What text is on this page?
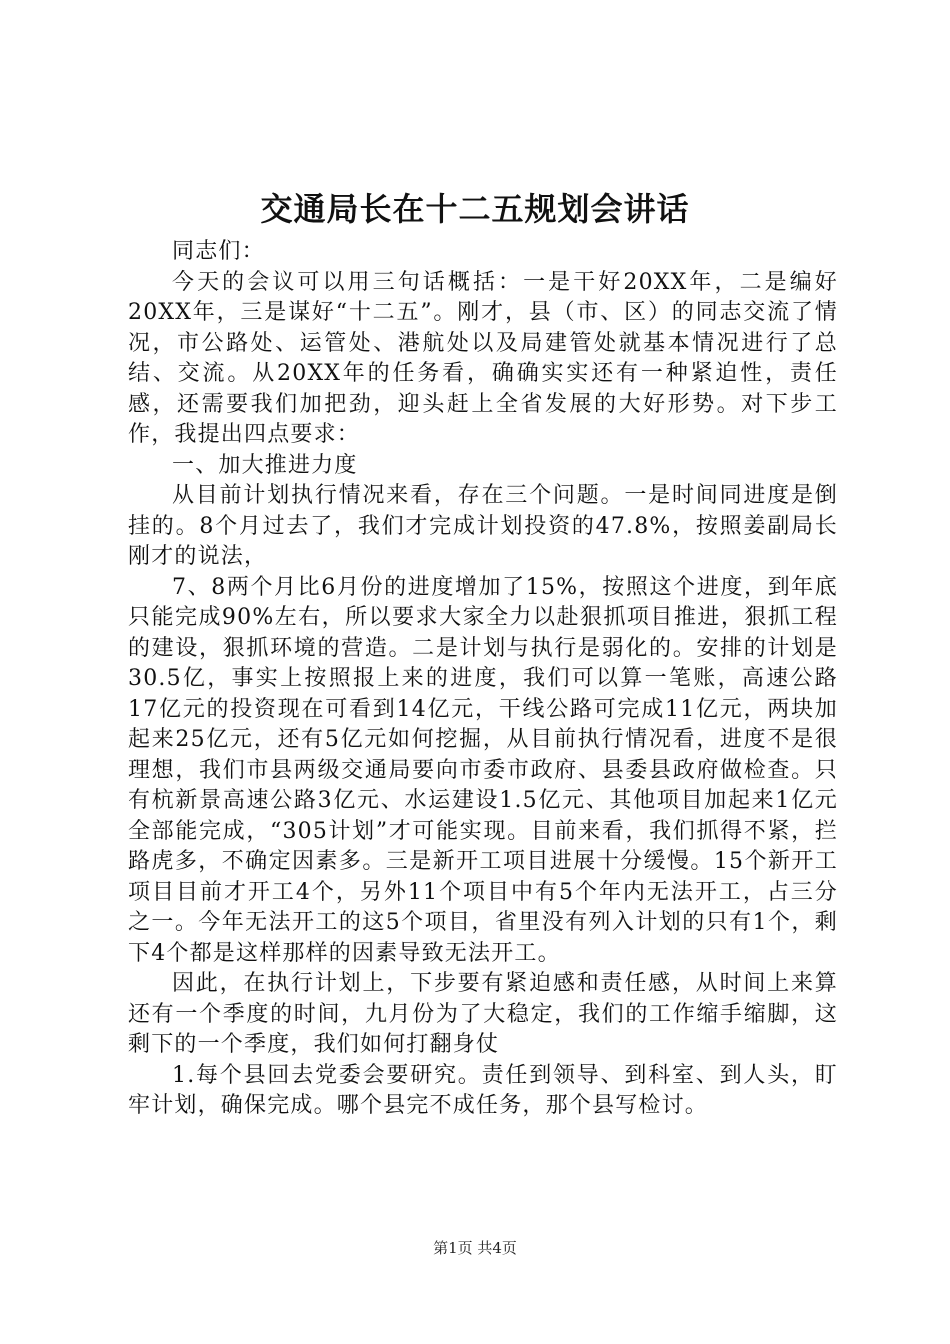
交通局长在十二五规划会讲话

同志们：

今天的会议可以用三句话概括：一是干好20XX年，二是编好20XX年，三是谋好“十二五”。刚才，县（市、区）的同志交流了情况，市公路处、运管处、港航处以及局建管处就基本情况进行了总结、交流。从20XX年的任务看，确确实实还有一种紧迫性，责任感，还需要我们加把劲，迎头赶上全省发展的大好形势。对下步工作，我提出四点要求：

一、加大推进力度

从目前计划执行情况来看，存在三个问题。一是时间同进度是倒挂的。8个月过去了，我们才完成计划投资的47.8%，按照姜副局长刚才的说法，

7、8两个月比6月份的进度增加了15%，按照这个进度，到年底只能完成90%左右，所以要求大家全力以赴狠抓项目推进，狠抓工程的建设，狠抓环境的营造。二是计划与执行是弱化的。安排的计划是30.5亿，事实上按照报上来的进度，我们可以算一笔账，高速公路17亿元的投资现在可看到14亿元，干线公路可完成11亿元，两块加起来25亿元，还有5亿元如何挖掘，从目前执行情况看，进度不是很理想，我们市县两级交通局要向市委市政府、县委县政府做检查。只有杭新景高速公路3亿元、水运建设1.5亿元、其他项目加起来1亿元全部能完成，“305计划”才可能实现。目前来看，我们抓得不紧，拦路虎多，不确定因素多。三是新开工项目进展十分缓慢。15个新开工项目目前才开工4个，另外11个项目中有5个年内无法开工，占三分之一。今年无法开工的这5个项目，省里没有列入计划的只有1个，剩下4个都是这样那样的因素导致无法开工。

因此，在执行计划上，下步要有紧迫感和责任感，从时间上来算还有一个季度的时间，九月份为了大稳定，我们的工作缩手缩脚，这剩下的一个季度，我们如何打翻身仗

1.每个县回去党委会要研究。责任到领导、到科室、到人头，盯牢计划，确保完成。哪个县完不成任务，那个县写检讨。

第1页 共4页
